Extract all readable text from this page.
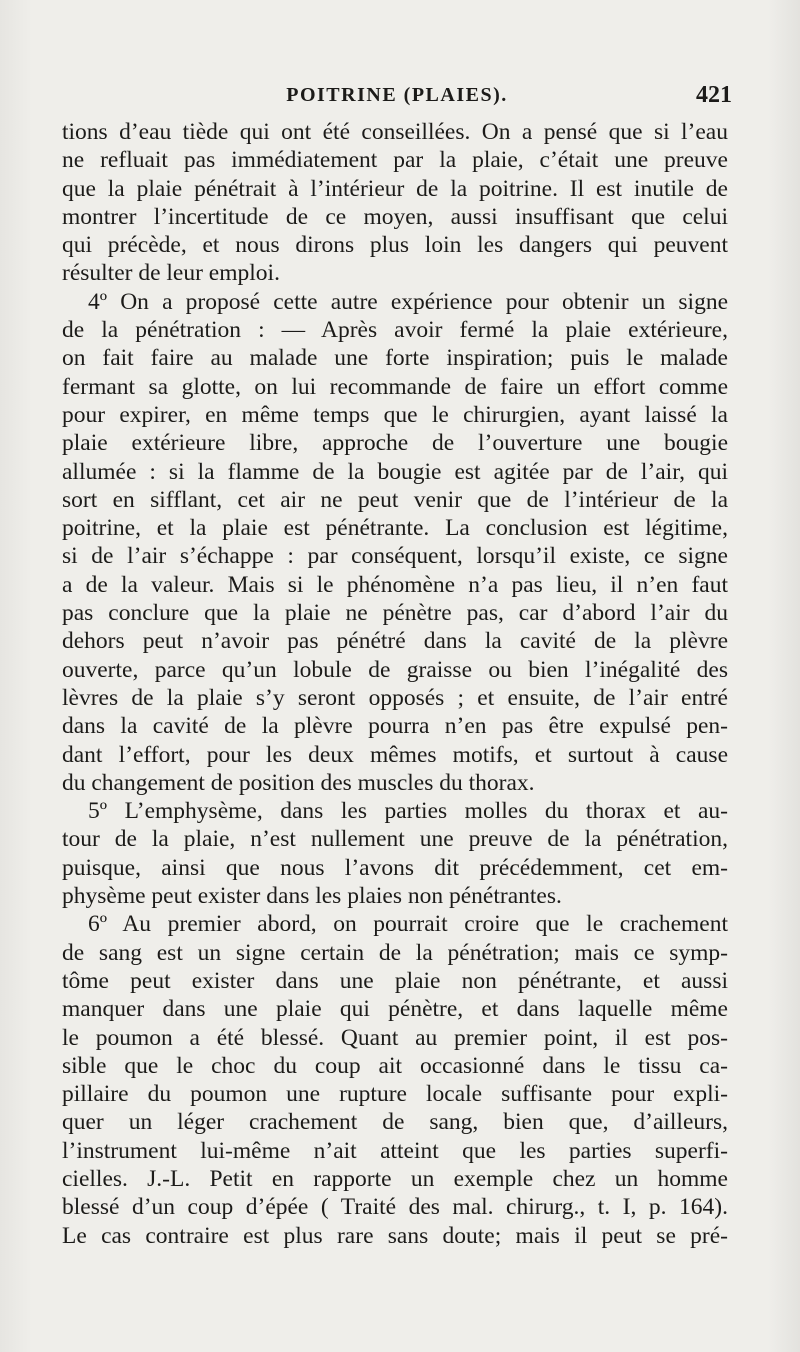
POITRINE (PLAIES).	421
tions d’eau tiède qui ont été conseillées. On a pensé que si l’eau
ne refluait pas immédiatement par la plaie, c’était une preuve
que la plaie pénétrait à l’intérieur de la poitrine. Il est inutile de
montrer l’incertitude de ce moyen, aussi insuffisant que celui
qui précède, et nous dirons plus loin les dangers qui peuvent
résulter de leur emploi.
4º On a proposé cette autre expérience pour obtenir un signe
de la pénétration : — Après avoir fermé la plaie extérieure,
on fait faire au malade une forte inspiration; puis le malade
fermant sa glotte, on lui recommande de faire un effort comme
pour expirer, en même temps que le chirurgien, ayant laissé la
plaie extérieure libre, approche de l’ouverture une bougie
allumée : si la flamme de la bougie est agitée par de l’air, qui
sort en sifflant, cet air ne peut venir que de l’intérieur de la
poitrine, et la plaie est pénétrante. La conclusion est légitime,
si de l’air s’échappe : par conséquent, lorsqu’il existe, ce signe
a de la valeur. Mais si le phénomène n’a pas lieu, il n’en faut
pas conclure que la plaie ne pénètre pas, car d’abord l’air du
dehors peut n’avoir pas pénétré dans la cavité de la plèvre
ouverte, parce qu’un lobule de graisse ou bien l’inégalité des
lèvres de la plaie s’y seront opposés ; et ensuite, de l’air entré
dans la cavité de la plèvre pourra n’en pas être expulsé pen-
dant l’effort, pour les deux mêmes motifs, et surtout à cause
du changement de position des muscles du thorax.
5º L’emphysème, dans les parties molles du thorax et au-
tour de la plaie, n’est nullement une preuve de la pénétration,
puisque, ainsi que nous l’avons dit précédemment, cet em-
physème peut exister dans les plaies non pénétrantes.
6º Au premier abord, on pourrait croire que le crachement
de sang est un signe certain de la pénétration; mais ce symp-
tôme peut exister dans une plaie non pénétrante, et aussi
manquer dans une plaie qui pénètre, et dans laquelle même
le poumon a été blessé. Quant au premier point, il est pos-
sible que le choc du coup ait occasionné dans le tissu ca-
pillaire du poumon une rupture locale suffisante pour expli-
quer un léger crachement de sang, bien que, d’ailleurs,
l’instrument lui-même n’ait atteint que les parties superfi-
cielles. J.-L. Petit en rapporte un exemple chez un homme
blessé d’un coup d’épée ( Traité des mal. chirurg., t. I, p. 164).
Le cas contraire est plus rare sans doute; mais il peut se pré-
